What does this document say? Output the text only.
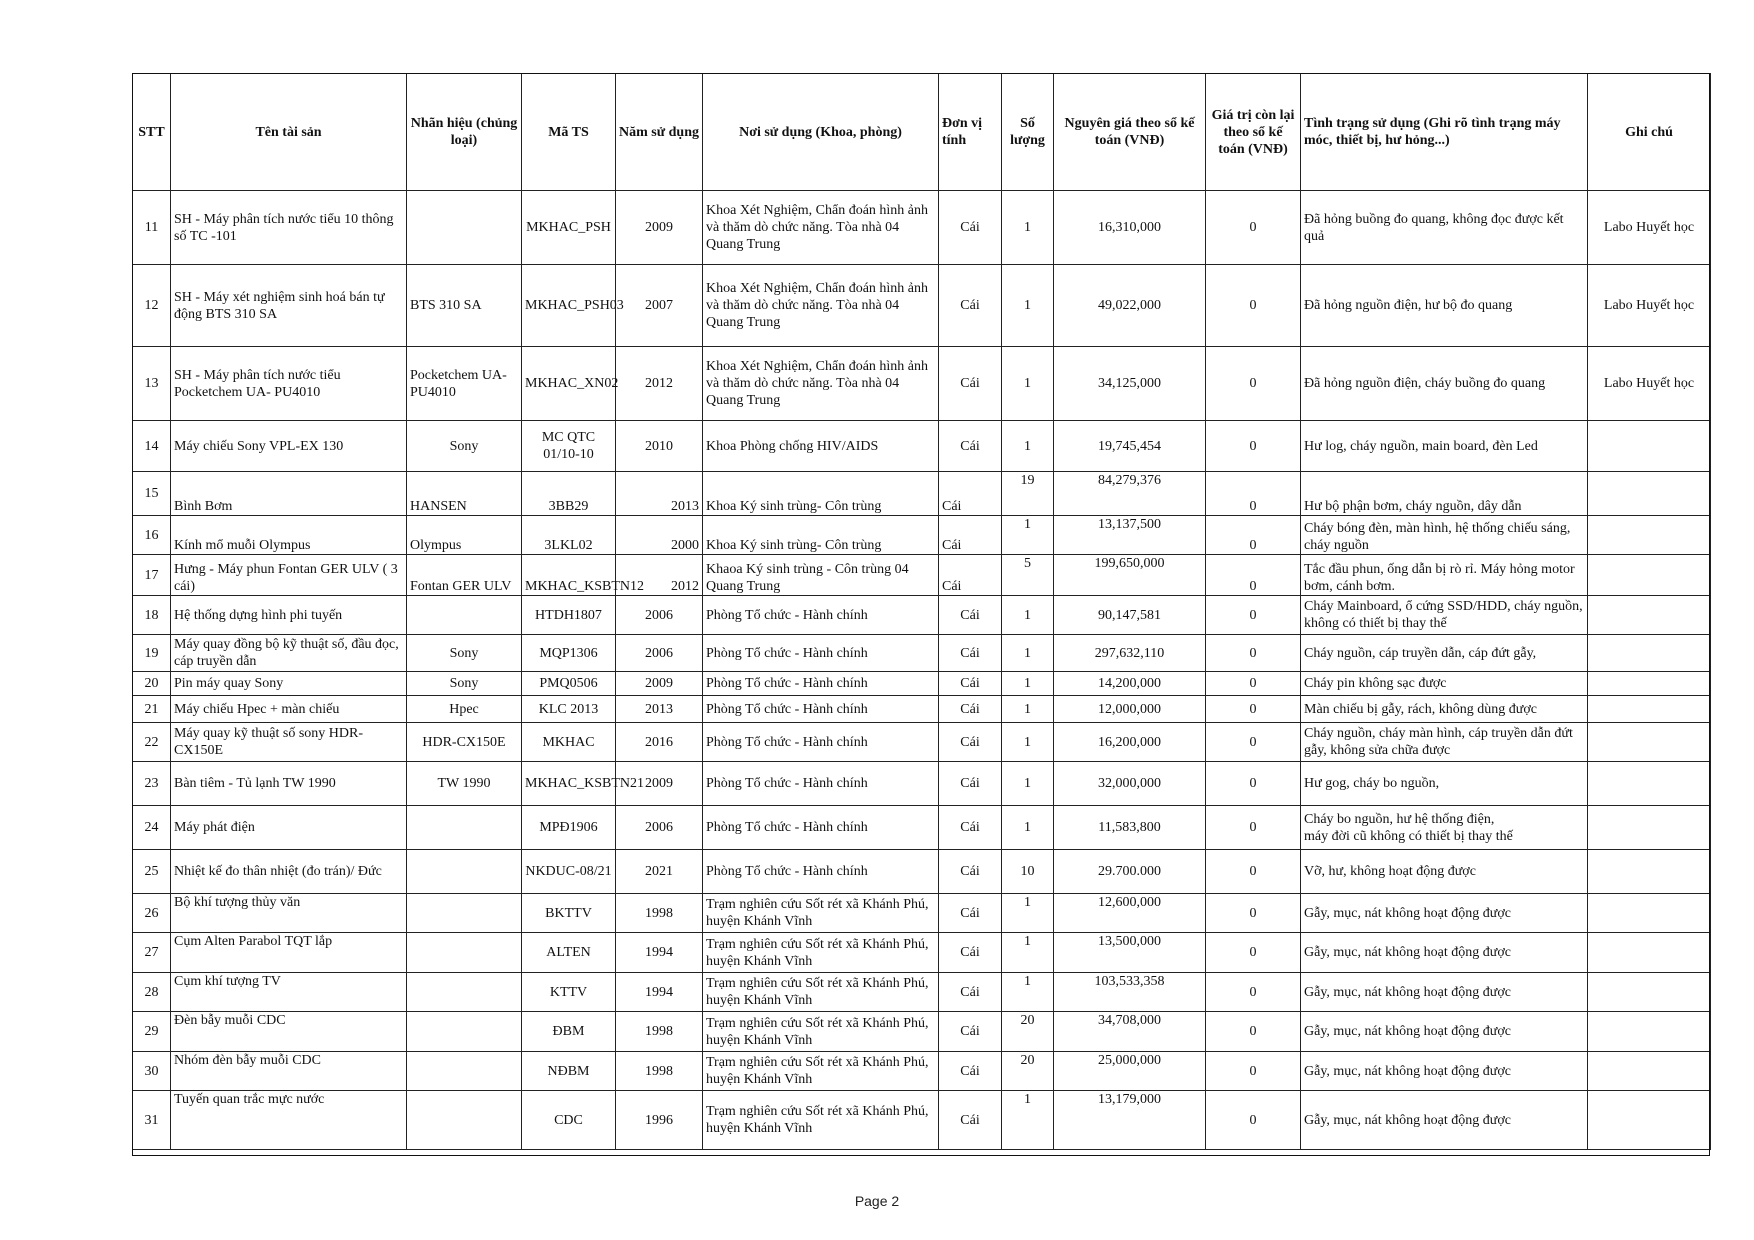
STT	Tên tài sản	Nhãn hiệu (chủng loại)	Mã TS	Năm sử dụng	Nơi sử dụng (Khoa, phòng)	Đơn vị tính	Số lượng	Nguyên giá theo sổ kế toán (VNĐ)	Giá trị còn lại theo sổ kế toán (VNĐ)	Tình trạng sử dụng (Ghi rõ tình trạng máy móc, thiết bị, hư hỏng...)	Ghi chú
11	SH - Máy phân tích nước tiểu 10 thông số TC -101		MKHAC_PSH	2009	Khoa Xét Nghiệm, Chẩn đoán hình ảnh và thăm dò chức năng. Tòa nhà 04 Quang Trung	Cái	1	16,310,000	0	Đã hỏng buồng đo quang, không đọc được kết quả	Labo Huyết học
12	SH - Máy xét nghiệm sinh hoá bán tự động BTS 310 SA	BTS 310 SA	MKHAC_PSH03	2007	Khoa Xét Nghiệm, Chẩn đoán hình ảnh và thăm dò chức năng. Tòa nhà 04 Quang Trung	Cái	1	49,022,000	0	Đã hỏng nguồn điện, hư bộ đo quang	Labo Huyết học
13	SH - Máy phân tích nước tiểu Pocketchem UA- PU4010	Pocketchem UA-PU4010	MKHAC_XN02	2012	Khoa Xét Nghiệm, Chẩn đoán hình ảnh và thăm dò chức năng. Tòa nhà 04 Quang Trung	Cái	1	34,125,000	0	Đã hỏng nguồn điện, cháy buồng đo quang	Labo Huyết học
14	Máy chiếu Sony VPL-EX 130	Sony	MC QTC 01/10-10	2010	Khoa Phòng chống HIV/AIDS	Cái	1	19,745,454	0	Hư log, cháy nguồn, main board, đèn Led	
15	Bình Bơm	HANSEN	3BB29	2013	Khoa Ký sinh trùng- Côn trùng	Cái	19	84,279,376	0	Hư bộ phận bơm, cháy nguồn, dây dẫn	
16	Kính mổ muỗi Olympus	Olympus	3LKL02	2000	Khoa Ký sinh trùng- Côn trùng	Cái	1	13,137,500	0	Cháy bóng đèn, màn hình, hệ thống chiếu sáng, cháy nguồn	
17	Hưng - Máy phun Fontan GER ULV ( 3 cái)	Fontan GER ULV	MKHAC_KSBTN12	2012	Khaoa Ký sinh trùng - Côn trùng 04 Quang Trung	Cái	5	199,650,000	0	Tắc đầu phun, ống dẫn bị rò rỉ. Máy hỏng motor bơm, cánh bơm.	
18	Hệ thống dựng hình phi tuyến		HTDH1807	2006	Phòng Tổ chức - Hành chính	Cái	1	90,147,581	0	Cháy Mainboard, ổ cứng SSD/HDD, cháy nguồn, không có thiết bị thay thế	
19	Máy quay đồng bộ kỹ thuật số, đầu đọc, cáp truyền dẫn	Sony	MQP1306	2006	Phòng Tổ chức - Hành chính	Cái	1	297,632,110	0	Cháy nguồn, cáp truyền dẫn, cáp đứt gẫy,	
20	Pin máy quay Sony	Sony	PMQ0506	2009	Phòng Tổ chức - Hành chính	Cái	1	14,200,000	0	Cháy pin không sạc được	
21	Máy chiếu Hpec + màn chiếu	Hpec	KLC 2013	2013	Phòng Tổ chức - Hành chính	Cái	1	12,000,000	0	Màn chiếu bị gẫy, rách, không dùng được	
22	Máy quay kỹ thuật số sony HDR-CX150E	HDR-CX150E	MKHAC	2016	Phòng Tổ chức - Hành chính	Cái	1	16,200,000	0	Cháy nguồn, cháy màn hình, cáp truyền dẫn đứt gẫy, không sửa chữa được	
23	Bàn tiêm - Tủ lạnh TW 1990	TW 1990	MKHAC_KSBTN21	2009	Phòng Tổ chức - Hành chính	Cái	1	32,000,000	0	Hư gog, cháy bo nguồn,	
24	Máy phát điện		MPĐ1906	2006	Phòng Tổ chức - Hành chính	Cái	1	11,583,800	0	Cháy bo nguồn, hư hệ thống điện,
máy đời cũ không có thiết bị thay thế	
25	Nhiệt kế đo thân nhiệt (đo trán)/ Đức		NKDUC-08/21	2021	Phòng Tổ chức - Hành chính	Cái	10	29.700.000	0	Vỡ, hư, không hoạt động được	
26	Bộ khí tượng thủy văn		BKTTV	1998	Trạm nghiên cứu Sốt rét xã Khánh Phú, huyện Khánh Vĩnh	Cái	1	12,600,000	0	Gẫy, mục, nát không hoạt động được	
27	Cụm Alten Parabol TQT lắp		ALTEN	1994	Trạm nghiên cứu Sốt rét xã Khánh Phú, huyện Khánh Vĩnh	Cái	1	13,500,000	0	Gẫy, mục, nát không hoạt động được	
28	Cụm khí tượng TV		KTTV	1994	Trạm nghiên cứu Sốt rét xã Khánh Phú, huyện Khánh Vĩnh	Cái	1	103,533,358	0	Gẫy, mục, nát không hoạt động được	
29	Đèn bẫy muỗi CDC		ĐBM	1998	Trạm nghiên cứu Sốt rét xã Khánh Phú, huyện Khánh Vĩnh	Cái	20	34,708,000	0	Gẫy, mục, nát không hoạt động được	
30	Nhóm đèn bẫy muỗi CDC		NĐBM	1998	Trạm nghiên cứu Sốt rét xã Khánh Phú, huyện Khánh Vĩnh	Cái	20	25,000,000	0	Gẫy, mục, nát không hoạt động được	
31	Tuyến quan trắc mực nước		CDC	1996	Trạm nghiên cứu Sốt rét xã Khánh Phú, huyện Khánh Vĩnh	Cái	1	13,179,000	0	Gẫy, mục, nát không hoạt động được	
Page 2
